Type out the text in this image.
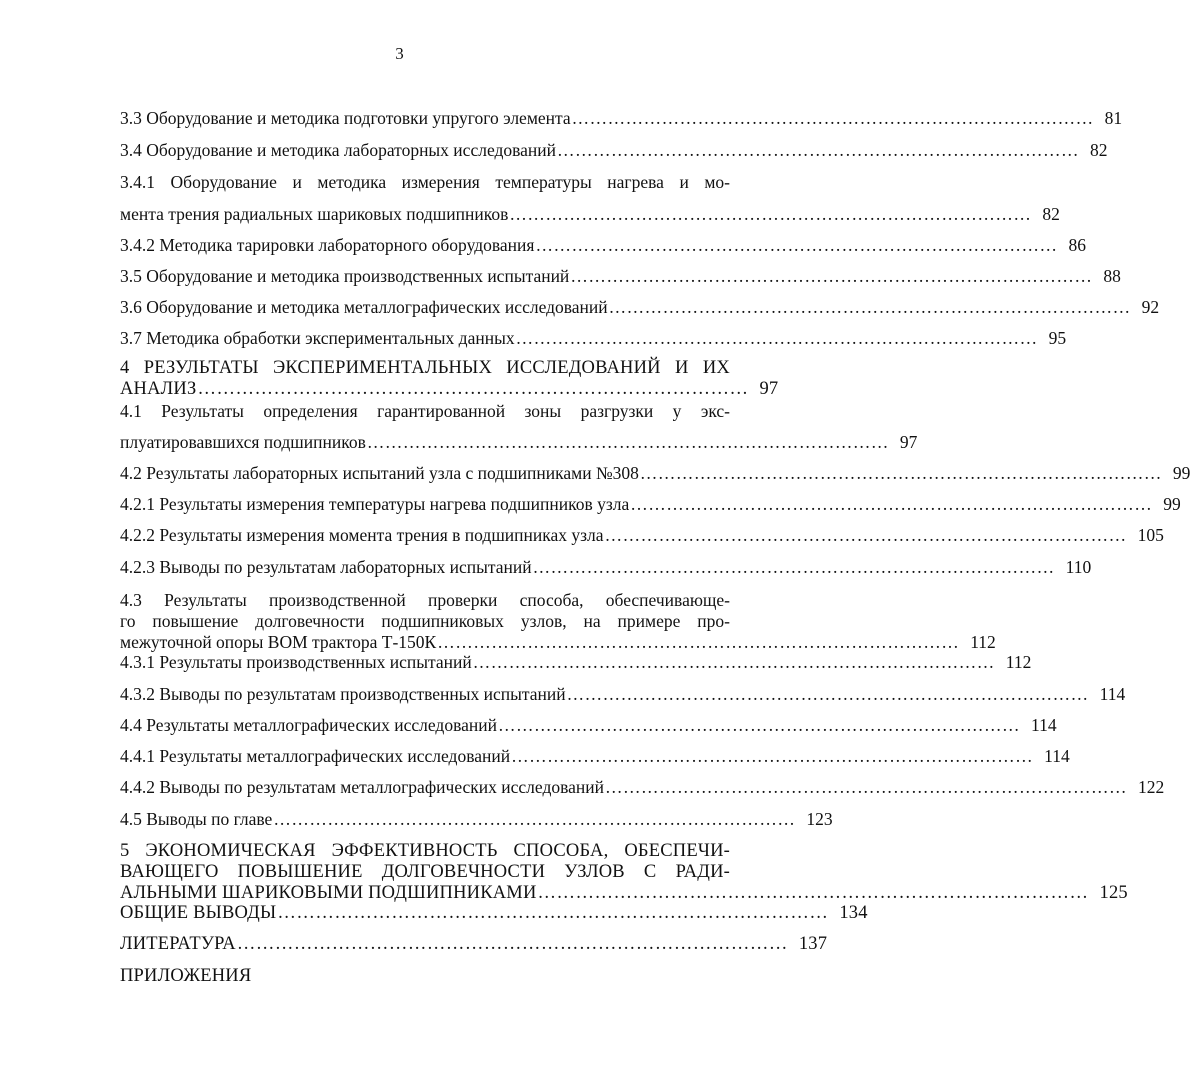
3
3.3 Оборудование и методика подготовки упругого элемента …………………………………………………………………………… 81
3.4 Оборудование и методика лабораторных исследований …………………………………………………………………………… 82
3.4.1 Оборудование и методика измерения температуры нагрева и мо-
мента трения радиальных шариковых подшипников …………………………………………………………………………… 82
3.4.2 Методика тарировки лабораторного оборудования …………………………………………………………………………… 86
3.5 Оборудование и методика производственных испытаний …………………………………………………………………………… 88
3.6 Оборудование и методика металлографических исследований …………………………………………………………………………… 92
3.7 Методика обработки экспериментальных данных …………………………………………………………………………… 95
4 РЕЗУЛЬТАТЫ ЭКСПЕРИМЕНТАЛЬНЫХ ИССЛЕДОВАНИЙ И ИХ
АНАЛИЗ …………………………………………………………………………… 97
4.1 Результаты определения гарантированной зоны разгрузки у экс-
плуатировавшихся подшипников …………………………………………………………………………… 97
4.2 Результаты лабораторных испытаний узла с подшипниками №308 …………………………………………………………………………… 99
4.2.1 Результаты измерения температуры нагрева подшипников узла …………………………………………………………………………… 99
4.2.2 Результаты измерения момента трения в подшипниках узла …………………………………………………………………………… 105
4.2.3 Выводы по результатам лабораторных испытаний …………………………………………………………………………… 110
4.3 Результаты производственной проверки способа, обеспечивающе-
го повышение долговечности подшипниковых узлов, на примере про-
межуточной опоры ВОМ трактора Т-150К …………………………………………………………………………… 112
4.3.1 Результаты производственных испытаний …………………………………………………………………………… 112
4.3.2 Выводы по результатам производственных испытаний …………………………………………………………………………… 114
4.4 Результаты металлографических исследований …………………………………………………………………………… 114
4.4.1 Результаты металлографических исследований …………………………………………………………………………… 114
4.4.2 Выводы по результатам металлографических исследований …………………………………………………………………………… 122
4.5 Выводы по главе …………………………………………………………………………… 123
5 ЭКОНОМИЧЕСКАЯ ЭФФЕКТИВНОСТЬ СПОСОБА, ОБЕСПЕЧИ-
ВАЮЩЕГО ПОВЫШЕНИЕ ДОЛГОВЕЧНОСТИ УЗЛОВ С РАДИ-
АЛЬНЫМИ ШАРИКОВЫМИ ПОДШИПНИКАМИ …………………………………………………………………………… 125
ОБЩИЕ ВЫВОДЫ …………………………………………………………………………… 134
ЛИТЕРАТУРА …………………………………………………………………………… 137
ПРИЛОЖЕНИЯ
